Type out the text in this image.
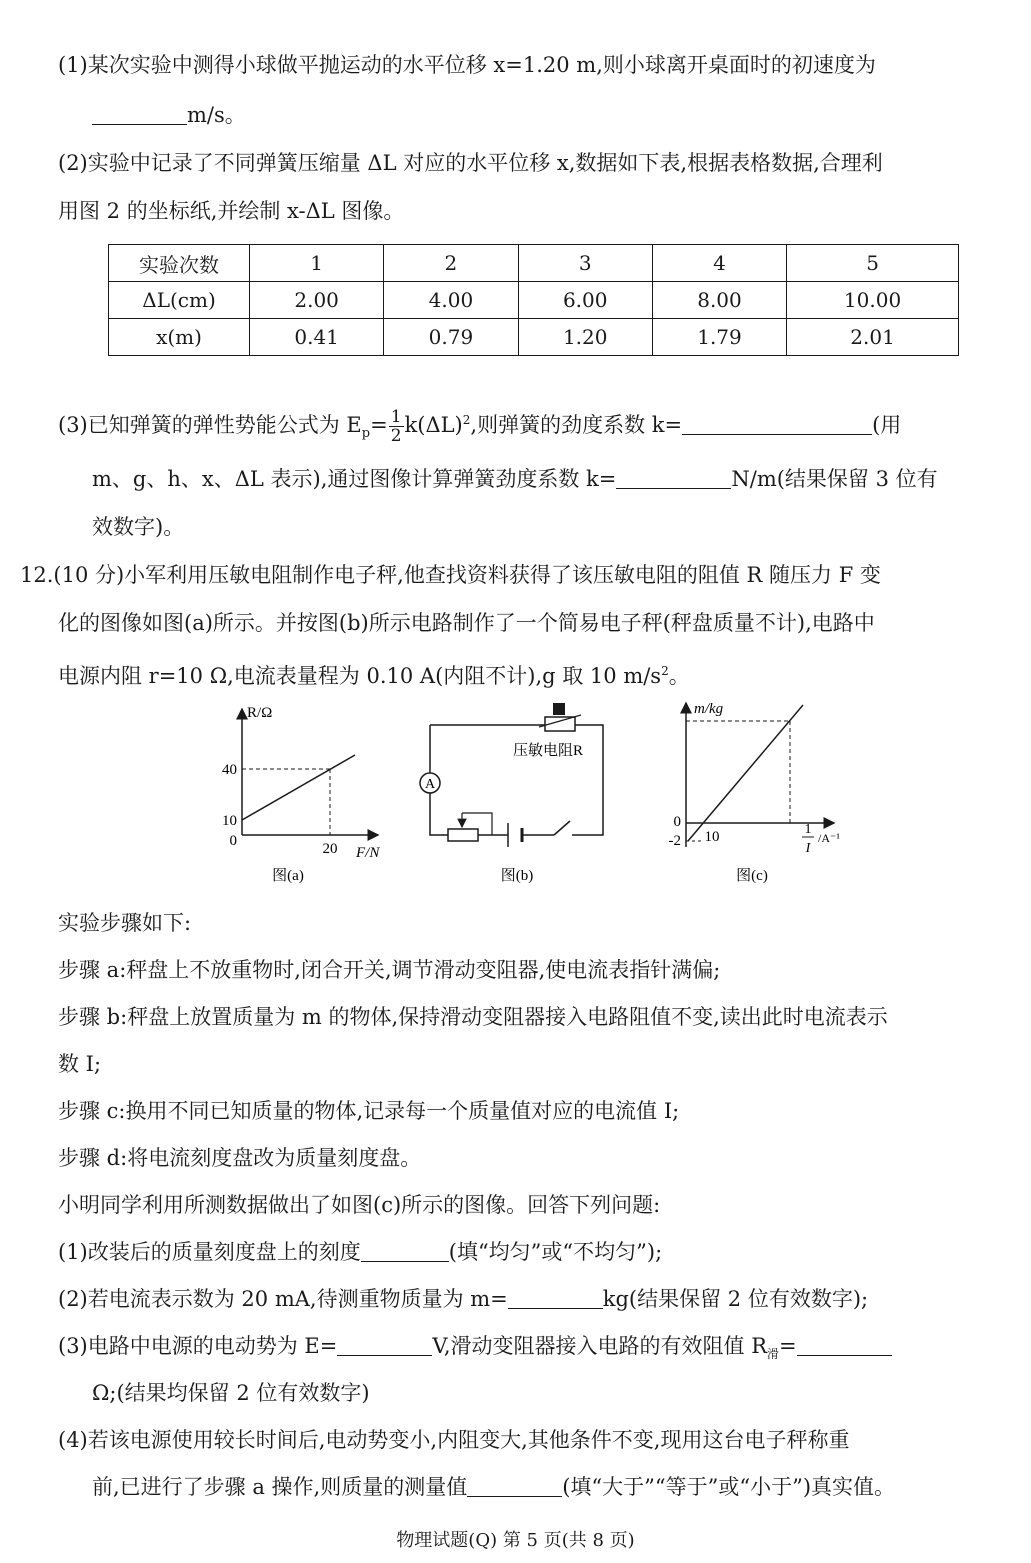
(1)某次实验中测得小球做平抛运动的水平位移 x=1.20 m,则小球离开桌面时的初速度为
m/s。
(2)实验中记录了不同弹簧压缩量 ΔL 对应的水平位移 x,数据如下表,根据表格数据,合理利
用图 2 的坐标纸,并绘制 x-ΔL 图像。
实验次数	1	2	3	4	5
ΔL(cm)	2.00	4.00	6.00	8.00	10.00
x(m)	0.41	0.79	1.20	1.79	2.01
(3)已知弹簧的弹性势能公式为 $E_p= \frac{1}{2} k(\Delta L)^2$,则弹簧的劲度系数 k=	(用
m、g、h、x、ΔL 表示),通过图像计算弹簧劲度系数 k=	N/m(结果保留 3 位有
效数字)。
12.(10 分)小军利用压敏电阻制作电子秤,他查找资料获得了该压敏电阻的阻值 R 随压力 F 变
化的图像如图(a)所示。并按图(b)所示电路制作了一个简易电子秤(秤盘质量不计),电路中
电源内阻 r=10 Ω,电流表量程为 0.10 A(内阻不计),g 取 10 $m/s^2$。
R/Ω
40
10
0	20 F/N
图(a)
压敏电阻R
A
图(b)
m/kg
0
-2 10	1
I
/A⁻¹
图(c)
实验步骤如下:
步骤 a:秤盘上不放重物时,闭合开关,调节滑动变阻器,使电流表指针满偏;
步骤 b:秤盘上放置质量为 m 的物体,保持滑动变阻器接入电路阻值不变,读出此时电流表示
数 I;
步骤 c:换用不同已知质量的物体,记录每一个质量值对应的电流值 I;
步骤 d:将电流刻度盘改为质量刻度盘。
小明同学利用所测数据做出了如图(c)所示的图像。回答下列问题:
(1)改装后的质量刻度盘上的刻度	(填“均匀”或“不均匀”);
(2)若电流表示数为 20 mA,待测重物质量为 m=	kg(结果保留 2 位有效数字);
(3)电路中电源的电动势为 E=	V,滑动变阻器接入电路的有效阻值 $R_滑=$
Ω;(结果均保留 2 位有效数字)
(4)若该电源使用较长时间后,电动势变小,内阻变大,其他条件不变,现用这台电子秤称重
前,已进行了步骤 a 操作,则质量的测量值	(填“大于”“等于”或“小于”)真实值。
物理试题(Q) 第 5 页(共 8 页)
